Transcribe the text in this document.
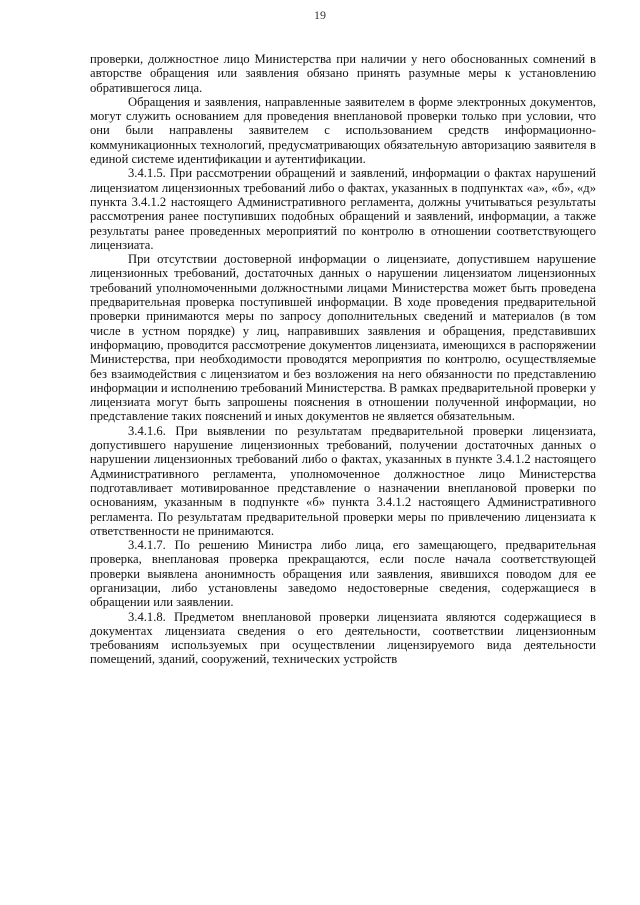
19

проверки, должностное лицо Министерства при наличии у него обоснованных сомнений в авторстве обращения или заявления обязано принять разумные меры к установлению обратившегося лица.

Обращения и заявления, направленные заявителем в форме электронных документов, могут служить основанием для проведения внеплановой проверки только при условии, что они были направлены заявителем с использованием средств информационно-коммуникационных технологий, предусматривающих обязательную авторизацию заявителя в единой системе идентификации и аутентификации.

3.4.1.5. При рассмотрении обращений и заявлений, информации о фактах нарушений лицензиатом лицензионных требований либо о фактах, указанных в подпунктах «а», «б», «д» пункта 3.4.1.2 настоящего Административного регламента, должны учитываться результаты рассмотрения ранее поступивших подобных обращений и заявлений, информации, а также результаты ранее проведенных мероприятий по контролю в отношении соответствующего лицензиата.

При отсутствии достоверной информации о лицензиате, допустившем нарушение лицензионных требований, достаточных данных о нарушении лицензиатом лицензионных требований уполномоченными должностными лицами Министерства может быть проведена предварительная проверка поступившей информации. В ходе проведения предварительной проверки принимаются меры по запросу дополнительных сведений и материалов (в том числе в устном порядке) у лиц, направивших заявления и обращения, представивших информацию, проводится рассмотрение документов лицензиата, имеющихся в распоряжении Министерства, при необходимости проводятся мероприятия по контролю, осуществляемые без взаимодействия с лицензиатом и без возложения на него обязанности по представлению информации и исполнению требований Министерства. В рамках предварительной проверки у лицензиата могут быть запрошены пояснения в отношении полученной информации, но представление таких пояснений и иных документов не является обязательным.

3.4.1.6. При выявлении по результатам предварительной проверки лицензиата, допустившего нарушение лицензионных требований, получении достаточных данных о нарушении лицензионных требований либо о фактах, указанных в пункте 3.4.1.2 настоящего Административного регламента, уполномоченное должностное лицо Министерства подготавливает мотивированное представление о назначении внеплановой проверки по основаниям, указанным в подпункте «б» пункта 3.4.1.2 настоящего Административного регламента. По результатам предварительной проверки меры по привлечению лицензиата к ответственности не принимаются.

3.4.1.7. По решению Министра либо лица, его замещающего, предварительная проверка, внеплановая проверка прекращаются, если после начала соответствующей проверки выявлена анонимность обращения или заявления, явившихся поводом для ее организации, либо установлены заведомо недостоверные сведения, содержащиеся в обращении или заявлении.

3.4.1.8. Предметом внеплановой проверки лицензиата являются содержащиеся в документах лицензиата сведения о его деятельности, соответствии лицензионным требованиям используемых при осуществлении лицензируемого вида деятельности помещений, зданий, сооружений, технических устройств
